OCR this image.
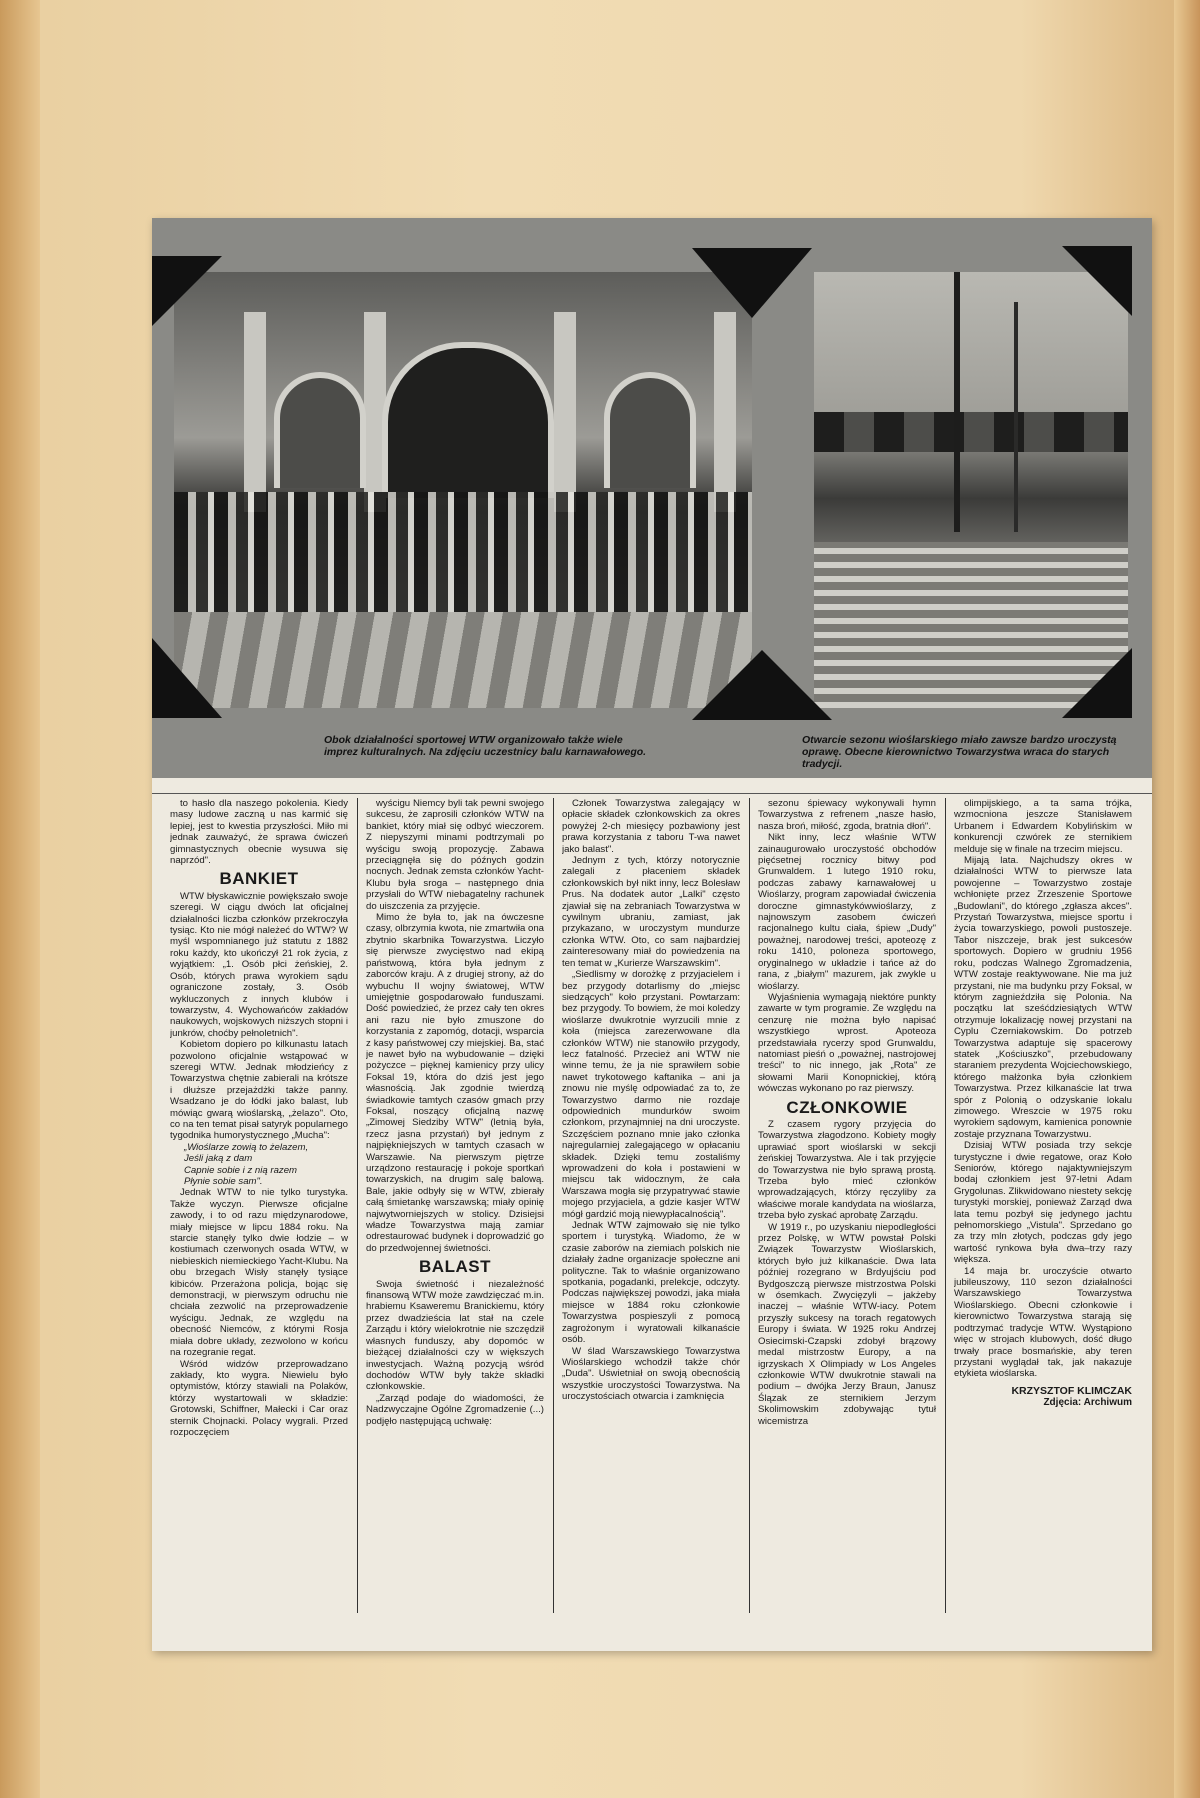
Obok działalności sportowej WTW organizowało także wiele imprez kulturalnych. Na zdjęciu uczestnicy balu karnawałowego.
Otwarcie sezonu wioślarskiego miało zawsze bardzo uroczystą oprawę. Obecne kierownictwo Towarzystwa wraca do starych tradycji.

to hasło dla naszego pokolenia. Kiedy masy ludowe zaczną u nas karmić się lepiej, jest to kwestia przyszłości. Miło mi jednak zauważyć, że sprawa ćwiczeń gimnastycznych obecnie wysuwa się naprzód".

BANKIET

WTW błyskawicznie powiększało swoje szeregi. W ciągu dwóch lat oficjalnej działalności liczba członków przekroczyła tysiąc. Kto nie mógł należeć do WTW? W myśl wspomnianego już statutu z 1882 roku każdy, kto ukończył 21 rok życia, z wyjątkiem: „1. Osób płci żeńskiej, 2. Osób, których prawa wyrokiem sądu ograniczone zostały, 3. Osób wykluczonych z innych klubów i towarzystw, 4. Wychowańców zakładów naukowych, wojskowych niższych stopni i junkrów, choćby pełnoletnich".

Kobietom dopiero po kilkunastu latach pozwolono oficjalnie wstąpować w szeregi WTW. Jednak młodzieńcy z Towarzystwa chętnie zabierali na krótsze i dłuższe przejażdżki także panny. Wsadzano je do łódki jako balast, lub mówiąc gwarą wioślarską, „żelazo". Oto, co na ten temat pisał satyryk popularnego tygodnika humorystycznego „Mucha":

„Wioślarze zowią to żelazem,

Jeśli jaką z dam

Capnie sobie i z nią razem

Płynie sobie sam".

Jednak WTW to nie tylko turystyka. Także wyczyn. Pierwsze oficjalne zawody, i to od razu międzynarodowe, miały miejsce w lipcu 1884 roku. Na starcie stanęły tylko dwie łodzie – w kostiumach czerwonych osada WTW, w niebieskich niemieckiego Yacht-Klubu. Na obu brzegach Wisły stanęły tysiące kibiców. Przerażona policja, bojąc się demonstracji, w pierwszym odruchu nie chciała zezwolić na przeprowadzenie wyścigu. Jednak, ze względu na obecność Niemców, z którymi Rosja miała dobre układy, zezwolono w końcu na rozegranie regat.

Wśród widzów przeprowadzano zakłady, kto wygra. Niewielu było optymistów, którzy stawiali na Polaków, którzy wystartowali w składzie: Grotowski, Schiffner, Małecki i Car oraz sternik Chojnacki. Polacy wygrali. Przed rozpoczęciem

wyścigu Niemcy byli tak pewni swojego sukcesu, że zaprosili członków WTW na bankiet, który miał się odbyć wieczorem. Z niepyszymi minami podtrzymali po wyścigu swoją propozycję. Zabawa przeciągnęła się do późnych godzin nocnych. Jednak zemsta członków Yacht-Klubu była sroga – następnego dnia przysłali do WTW niebagatelny rachunek do uiszczenia za przyjęcie.

Mimo że była to, jak na ówczesne czasy, olbrzymia kwota, nie zmartwiła ona zbytnio skarbnika Towarzystwa. Liczyło się pierwsze zwycięstwo nad ekipą państwową, która była jednym z zaborców kraju. A z drugiej strony, aż do wybuchu II wojny światowej, WTW umiejętnie gospodarowało funduszami. Dość powiedzieć, że przez cały ten okres ani razu nie było zmuszone do korzystania z zapomóg, dotacji, wsparcia z kasy państwowej czy miejskiej. Ba, stać je nawet było na wybudowanie – dzięki pożyczce – pięknej kamienicy przy ulicy Foksal 19, która do dziś jest jego własnością. Jak zgodnie twierdzą świadkowie tamtych czasów gmach przy Foksal, noszący oficjalną nazwę „Zimowej Siedziby WTW" (letnią była, rzecz jasna przystań) był jednym z najpiękniejszych w tamtych czasach w Warszawie. Na pierwszym piętrze urządzono restaurację i pokoje sportkań towarzyskich, na drugim salę balową. Bale, jakie odbyły się w WTW, zbierały całą śmietankę warszawską; miały opinię najwytworniejszych w stolicy. Dzisiejsi władze Towarzystwa mają zamiar odrestaurować budynek i doprowadzić go do przedwojennej świetności.

BALAST

Swoja świetność i niezależność finansową WTW może zawdzięczać m.in. hrabiemu Ksaweremu Branickiemu, który przez dwadzieścia lat stał na czele Zarządu i który wielokrotnie nie szczędził własnych funduszy, aby dopomóc w bieżącej działalności czy w większych inwestycjach. Ważną pozycją wśród dochodów WTW były także składki członkowskie.

„Zarząd podaje do wiadomości, że Nadzwyczajne Ogólne Zgromadzenie (...) podjęło następującą uchwałę:

Członek Towarzystwa zalegający w opłacie składek członkowskich za okres powyżej 2-ch miesięcy pozbawiony jest prawa korzystania z taboru T-wa nawet jako balast".

Jednym z tych, którzy notorycznie zalegali z płaceniem składek członkowskich był nikt inny, lecz Bolesław Prus. Na dodatek autor „Lalki" często zjawiał się na zebraniach Towarzystwa w cywilnym ubraniu, zamiast, jak przykazano, w uroczystym mundurze członka WTW. Oto, co sam najbardziej zainteresowany miał do powiedzenia na ten temat w „Kurierze Warszawskim".

„Siedlismy w dorożkę z przyjacielem i bez przygody dotarlismy do „miejsc siedzących" koło przystani. Powtarzam: bez przygody. To bowiem, że moi koledzy wioślarze dwukrotnie wyrzucili mnie z koła (miejsca zarezerwowane dla członków WTW) nie stanowiło przygody, lecz fatalność. Przecież ani WTW nie winne temu, że ja nie sprawiłem sobie nawet trykotowego kaftanika – ani ja znowu nie myślę odpowiadać za to, że Towarzystwo darmo nie rozdaje odpowiednich mundurków swoim członkom, przynajmniej na dni uroczyste. Szczęściem poznano mnie jako członka najregularniej zalegającego w opłacaniu składek. Dzięki temu zostaliśmy wprowadzeni do koła i postawieni w miejscu tak widocznym, że cała Warszawa mogła się przypatrywać stawie mojego przyjaciela, a gdzie kasjer WTW mógł gardzić moją niewypłacalnością".

Jednak WTW zajmowało się nie tylko sportem i turystyką. Wiadomo, że w czasie zaborów na ziemiach polskich nie działały żadne organizacje społeczne ani polityczne. Tak to właśnie organizowano spotkania, pogadanki, prelekcje, odczyty. Podczas największej powodzi, jaka miała miejsce w 1884 roku członkowie Towarzystwa pospieszyli z pomocą zagrożonym i wyratowali kilkanaście osób.

W ślad Warszawskiego Towarzystwa Wioślarskiego wchodził także chór „Duda". Uświetniał on swoją obecnością wszystkie uroczystości Towarzystwa. Na uroczystościach otwarcia i zamknięcia

sezonu śpiewacy wykonywali hymn Towarzystwa z refrenem „nasze hasło, nasza broń, miłość, zgoda, bratnia dłoń".

Nikt inny, lecz właśnie WTW zainaugurowało uroczystość obchodów pięćsetnej rocznicy bitwy pod Grunwaldem. 1 lutego 1910 roku, podczas zabawy karnawałowej u Wioślarzy, program zapowiadał ćwiczenia doroczne gimnastykówwioślarzy, z najnowszym zasobem ćwiczeń racjonalnego kultu ciała, śpiew „Dudy" poważnej, narodowej treści, apoteozę z roku 1410, poloneza sportowego, oryginalnego w układzie i tańce aż do rana, z „białym" mazurem, jak zwykle u wioślarzy.

Wyjaśnienia wymagają niektóre punkty zawarte w tym programie. Ze względu na cenzurę nie można było napisać wszystkiego wprost. Apoteoza przedstawiała rycerzy spod Grunwaldu, natomiast pieśń o „poważnej, nastrojowej treści" to nic innego, jak „Rota" ze słowami Marii Konopnickiej, którą wówczas wykonano po raz pierwszy.

CZŁONKOWIE

Z czasem rygory przyjęcia do Towarzystwa złagodzono. Kobiety mogły uprawiać sport wioślarski w sekcji żeńskiej Towarzystwa. Ale i tak przyjęcie do Towarzystwa nie było sprawą prostą. Trzeba było mieć członków wprowadzających, którzy ręczyliby za właściwe morale kandydata na wioślarza, trzeba było zyskać aprobatę Zarządu.

W 1919 r., po uzyskaniu niepodległości przez Polskę, w WTW powstał Polski Związek Towarzystw Wioślarskich, których było już kilkanaście. Dwa lata później rozegrano w Brdyujściu pod Bydgoszczą pierwsze mistrzostwa Polski w ósemkach. Zwycięzyli – jakżeby inaczej – właśnie WTW-iacy. Potem przyszły sukcesy na torach regatowych Europy i świata. W 1925 roku Andrzej Osiecimski-Czapski zdobył brązowy medal mistrzostw Europy, a na igrzyskach X Olimpiady w Los Angeles członkowie WTW dwukrotnie stawali na podium – dwójka Jerzy Braun, Janusz Ślązak ze sternikiem Jerzym Skolimowskim zdobywając tytuł wicemistrza

olimpijskiego, a ta sama trójka, wzmocniona jeszcze Stanisławem Urbanem i Edwardem Kobylińskim w konkurencji czwórek ze sternikiem melduje się w finale na trzecim miejscu.

Mijają lata. Najchudszy okres w działalności WTW to pierwsze lata powojenne – Towarzystwo zostaje wchłonięte przez Zrzeszenie Sportowe „Budowlani", do którego „zgłasza akces". Przystań Towarzystwa, miejsce sportu i życia towarzyskiego, powoli pustoszeje. Tabor niszczeje, brak jest sukcesów sportowych. Dopiero w grudniu 1956 roku, podczas Walnego Zgromadzenia, WTW zostaje reaktywowane. Nie ma już przystani, nie ma budynku przy Foksal, w którym zagnieździła się Polonia. Na początku lat sześćdziesiątych WTW otrzymuje lokalizację nowej przystani na Cyplu Czerniakowskim. Do potrzeb Towarzystwa adaptuje się spacerowy statek „Kościuszko", przebudowany staraniem prezydenta Wojciechowskiego, którego małżonka była członkiem Towarzystwa. Przez kilkanaście lat trwa spór z Polonią o odzyskanie lokalu zimowego. Wreszcie w 1975 roku wyrokiem sądowym, kamienica ponownie zostaje przyznana Towarzystwu.

Dzisiaj WTW posiada trzy sekcje turystyczne i dwie regatowe, oraz Koło Seniorów, którego najaktywniejszym bodaj członkiem jest 97-letni Adam Grygolunas. Zlikwidowano niestety sekcję turystyki morskiej, ponieważ Zarząd dwa lata temu pozbył się jedynego jachtu pełnomorskiego „Vistula". Sprzedano go za trzy mln złotych, podczas gdy jego wartość rynkowa była dwa–trzy razy większa.

14 maja br. uroczyście otwarto jubileuszowy, 110 sezon działalności Warszawskiego Towarzystwa Wioślarskiego. Obecni członkowie i kierownictwo Towarzystwa starają się podtrzymać tradycje WTW. Wystąpiono więc w strojach klubowych, dość długo trwały prace bosmańskie, aby teren przystani wyglądał tak, jak nakazuje etykieta wioślarska.

KRZYSZTOF KLIMCZAK
Zdjęcia: Archiwum
